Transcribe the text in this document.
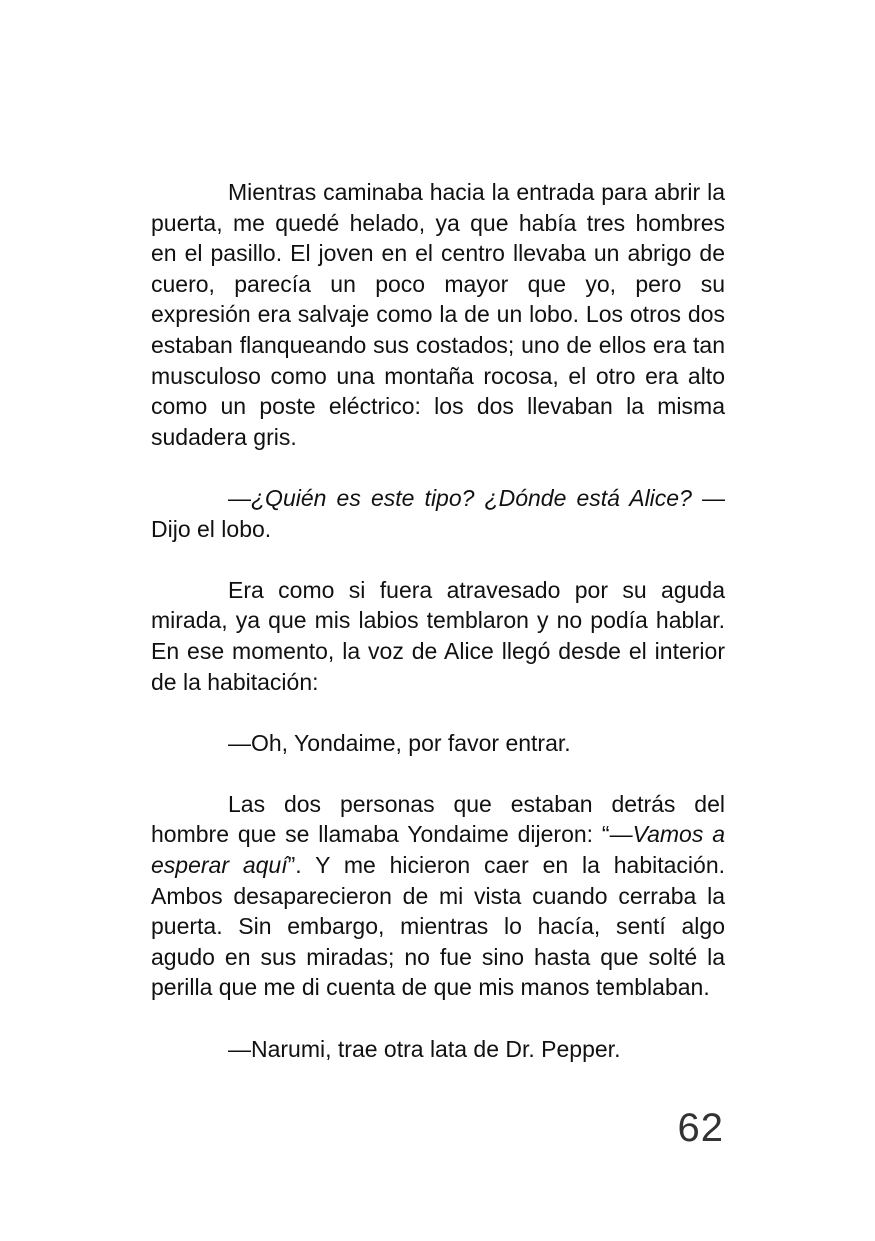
Mientras caminaba hacia la entrada para abrir la puerta, me quedé helado, ya que había tres hombres en el pasillo. El joven en el centro llevaba un abrigo de cuero, parecía un poco mayor que yo, pero su expresión era salvaje como la de un lobo. Los otros dos estaban flanqueando sus costados; uno de ellos era tan musculoso como una montaña rocosa, el otro era alto como un poste eléctrico: los dos llevaban la misma sudadera gris.

—¿Quién es este tipo? ¿Dónde está Alice? —Dijo el lobo.

Era como si fuera atravesado por su aguda mirada, ya que mis labios temblaron y no podía hablar. En ese momento, la voz de Alice llegó desde el interior de la habitación:

—Oh, Yondaime, por favor entrar.

Las dos personas que estaban detrás del hombre que se llamaba Yondaime dijeron: “—Vamos a esperar aquí”. Y me hicieron caer en la habitación. Ambos desaparecieron de mi vista cuando cerraba la puerta. Sin embargo, mientras lo hacía, sentí algo agudo en sus miradas; no fue sino hasta que solté la perilla que me di cuenta de que mis manos temblaban.

—Narumi, trae otra lata de Dr. Pepper.

62
